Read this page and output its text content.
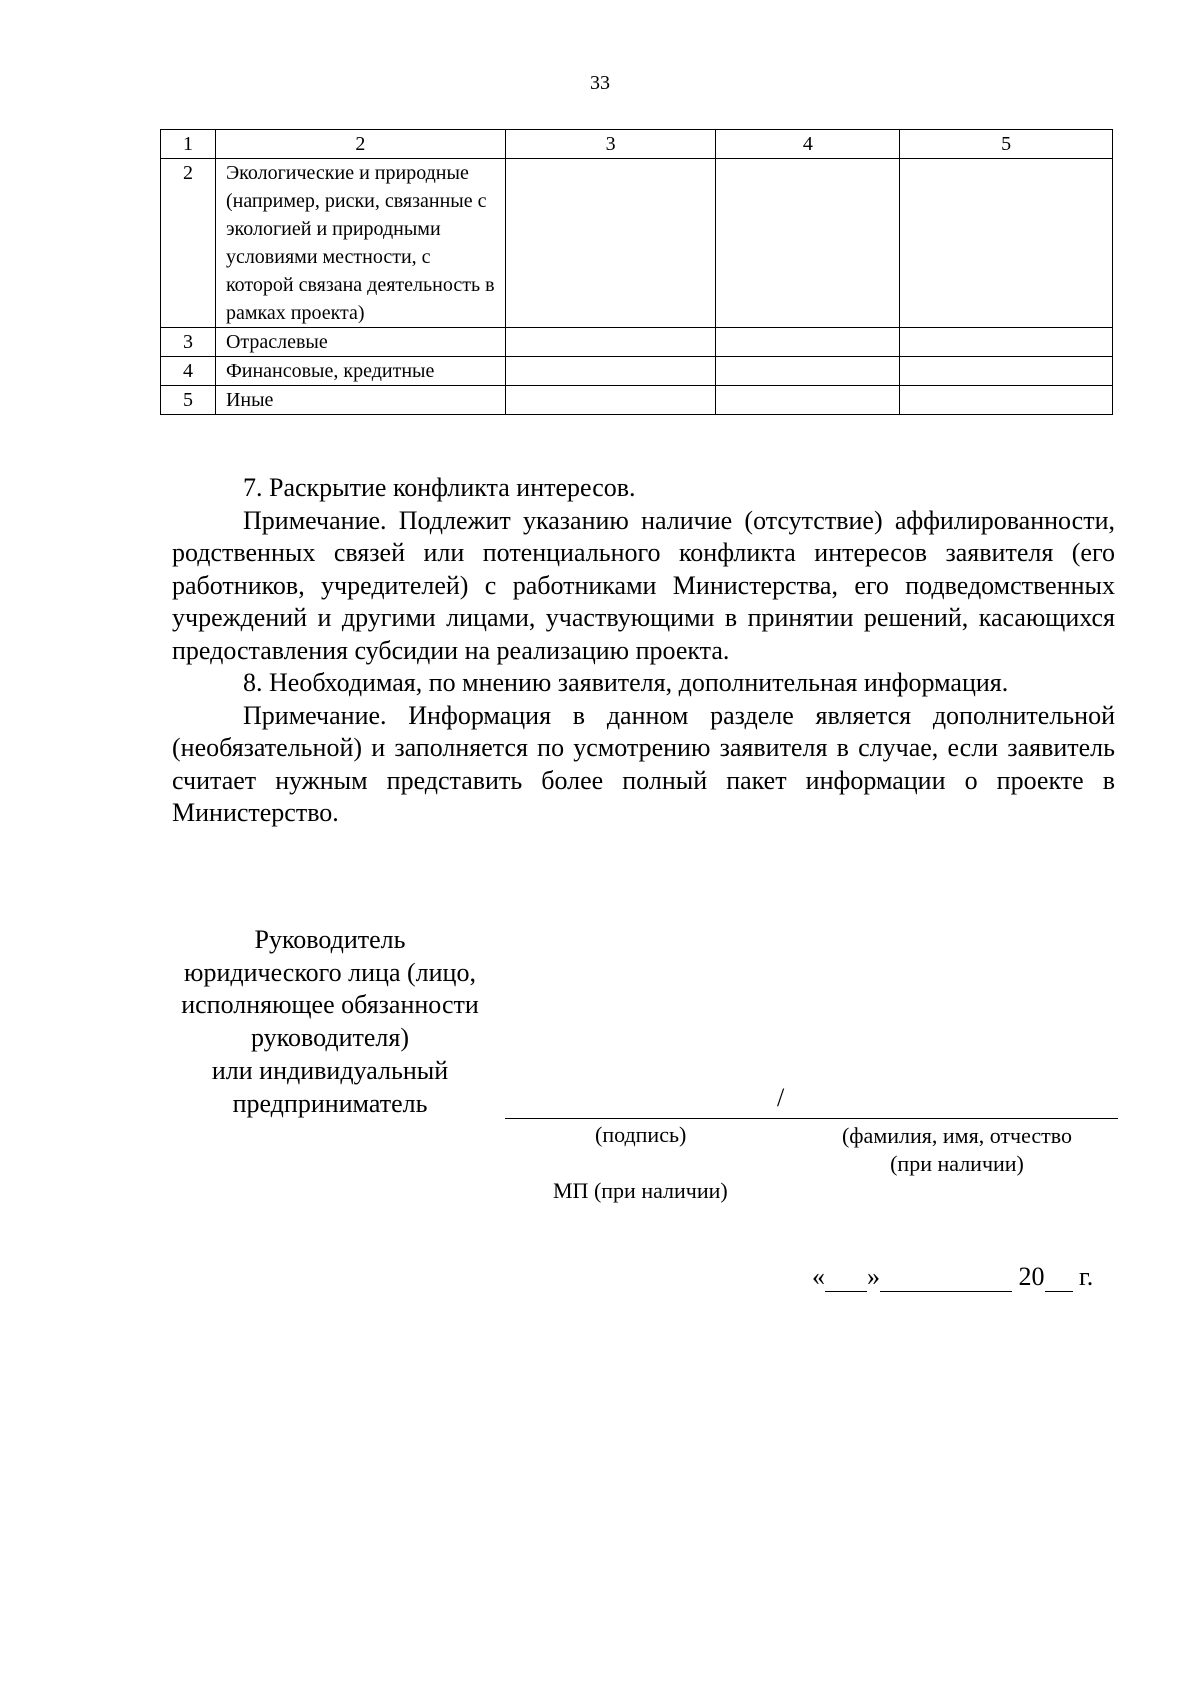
33
1	2	3	4	5
2	Экологические и природные (например, риски, связанные с экологией и природными условиями местности, с которой связана деятельность в рамках проекта)			
3	Отраслевые			
4	Финансовые, кредитные			
5	Иные			

7. Раскрытие конфликта интересов.

Примечание. Подлежит указанию наличие (отсутствие) аффилированности, родственных связей или потенциального конфликта интересов заявителя (его работников, учредителей) с работниками Министерства, его подведомственных учреждений и другими лицами, участвующими в принятии решений, касающихся предоставления субсидии на реализацию проекта.

8. Необходимая, по мнению заявителя, дополнительная информация.

Примечание. Информация в данном разделе является дополнительной (необязательной) и заполняется по усмотрению заявителя в случае, если заявитель считает нужным представить более полный пакет информации о проекте в Министерство.

Руководитель
юридического лица (лицо,
исполняющее обязанности
руководителя)
или индивидуальный
предприниматель	/
(подпись)	(фамилия, имя, отчество
(при наличии)
МП (при наличии)
« »	20 г.
